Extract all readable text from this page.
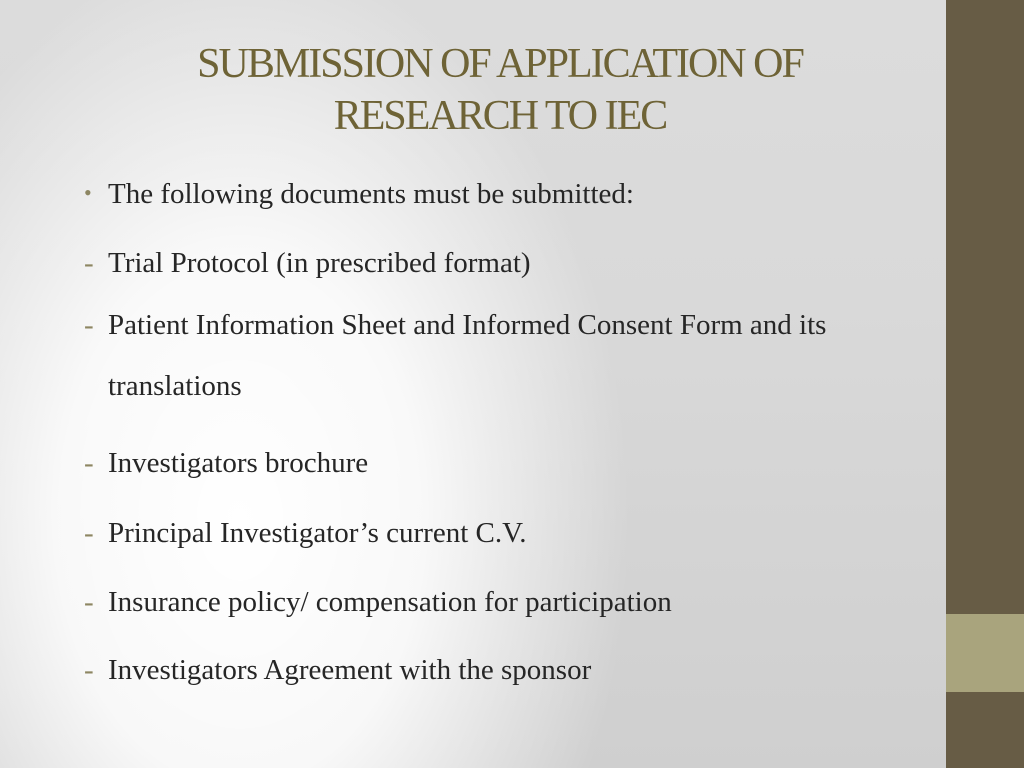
SUBMISSION OF APPLICATION OF
RESEARCH TO IEC
• The following documents must be submitted:
- Trial Protocol (in prescribed format)
- Patient Information Sheet and Informed Consent Form and its
translations
- Investigators brochure
- Principal Investigator’s current C.V.
- Insurance policy/ compensation for participation
- Investigators Agreement with the sponsor
